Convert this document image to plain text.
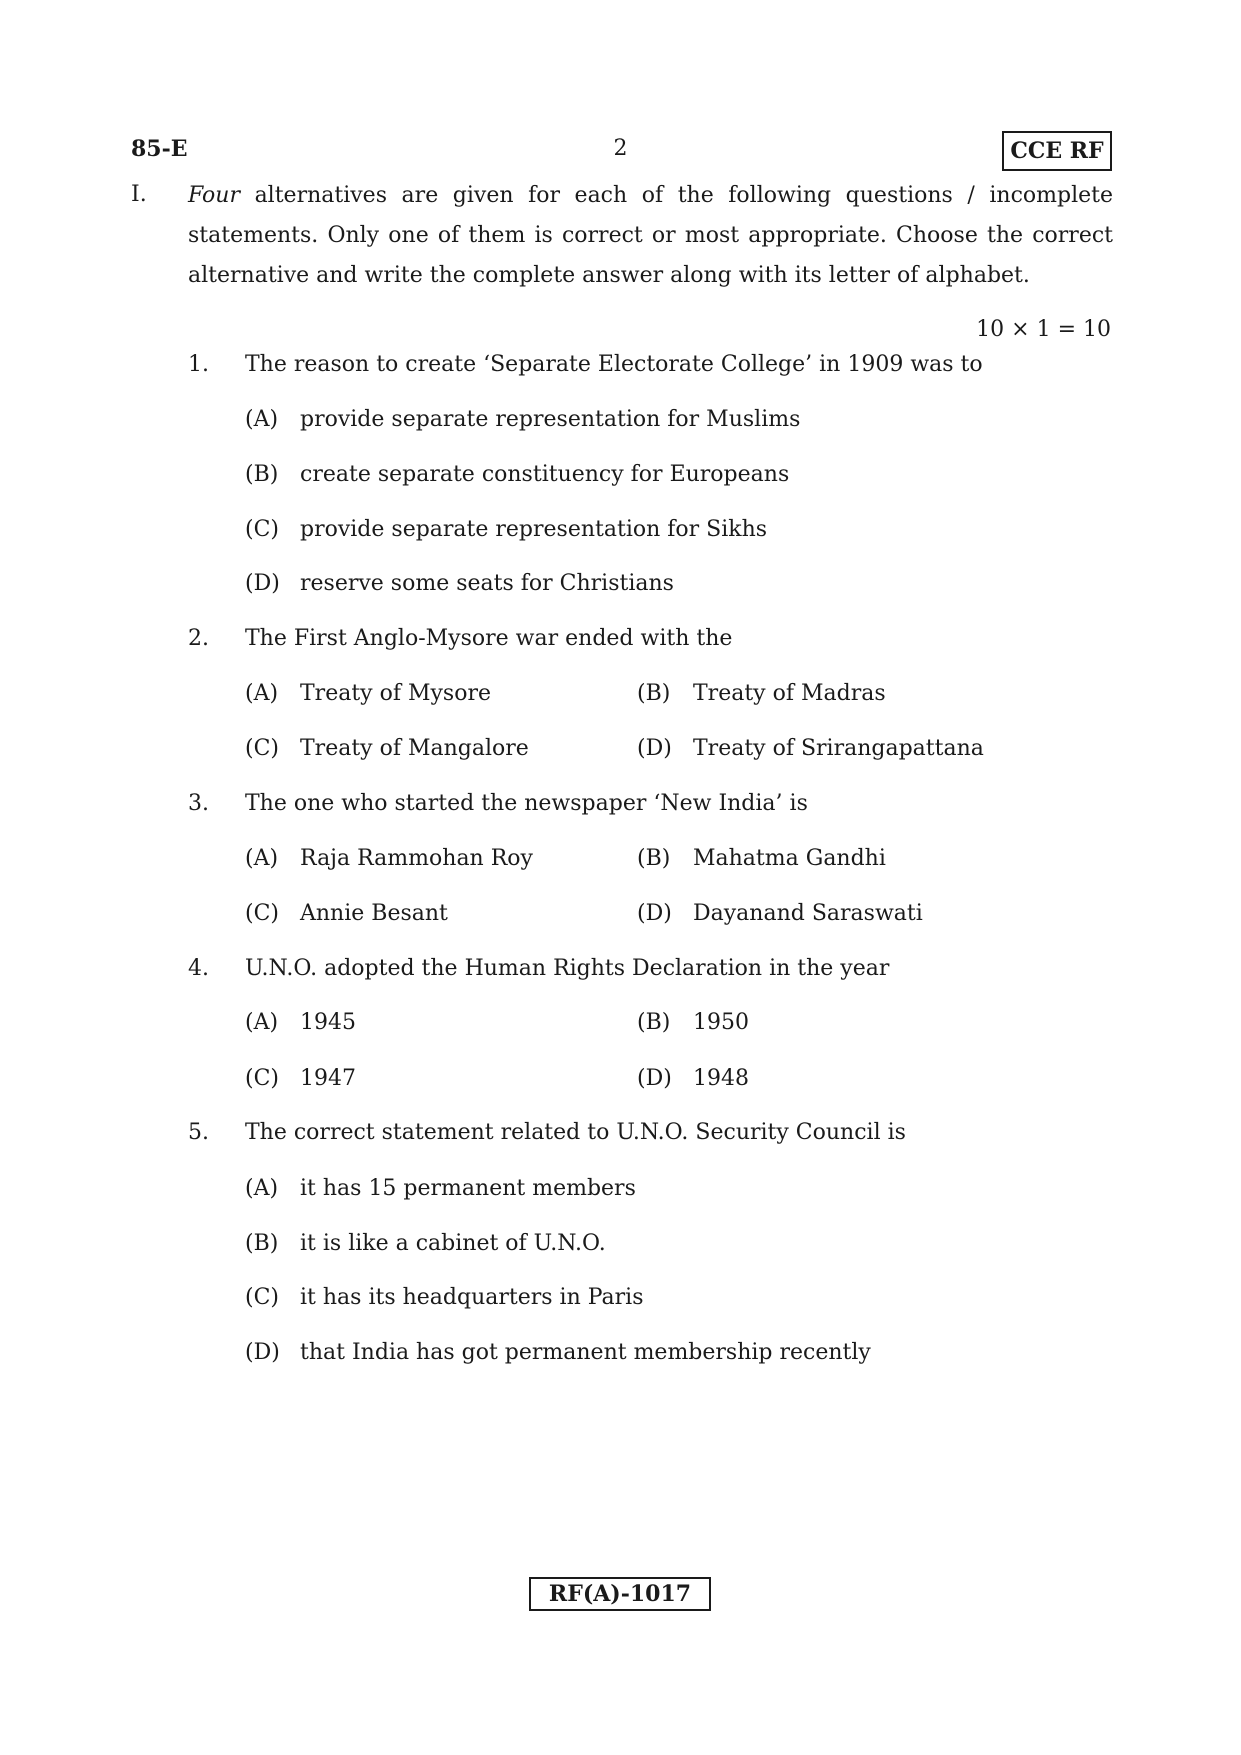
85-E	2	CCE RF
I. Four alternatives are given for each of the following questions / incomplete statements. Only one of them is correct or most appropriate. Choose the correct alternative and write the complete answer along with its letter of alphabet.

10 × 1 = 10
1. The reason to create ‘Separate Electorate College’ in 1909 was to
(A) provide separate representation for Muslims
(B) create separate constituency for Europeans
(C) provide separate representation for Sikhs
(D) reserve some seats for Christians
2. The First Anglo-Mysore war ended with the
(A) Treaty of Mysore	(B) Treaty of Madras
(C) Treaty of Mangalore	(D) Treaty of Srirangapattana
3. The one who started the newspaper ‘New India’ is
(A) Raja Rammohan Roy	(B) Mahatma Gandhi
(C) Annie Besant	(D) Dayanand Saraswati
4. U.N.O. adopted the Human Rights Declaration in the year
(A) 1945	(B) 1950
(C) 1947	(D) 1948
5. The correct statement related to U.N.O. Security Council is
(A) it has 15 permanent members
(B) it is like a cabinet of U.N.O.
(C) it has its headquarters in Paris
(D) that India has got permanent membership recently
RF(A)-1017
